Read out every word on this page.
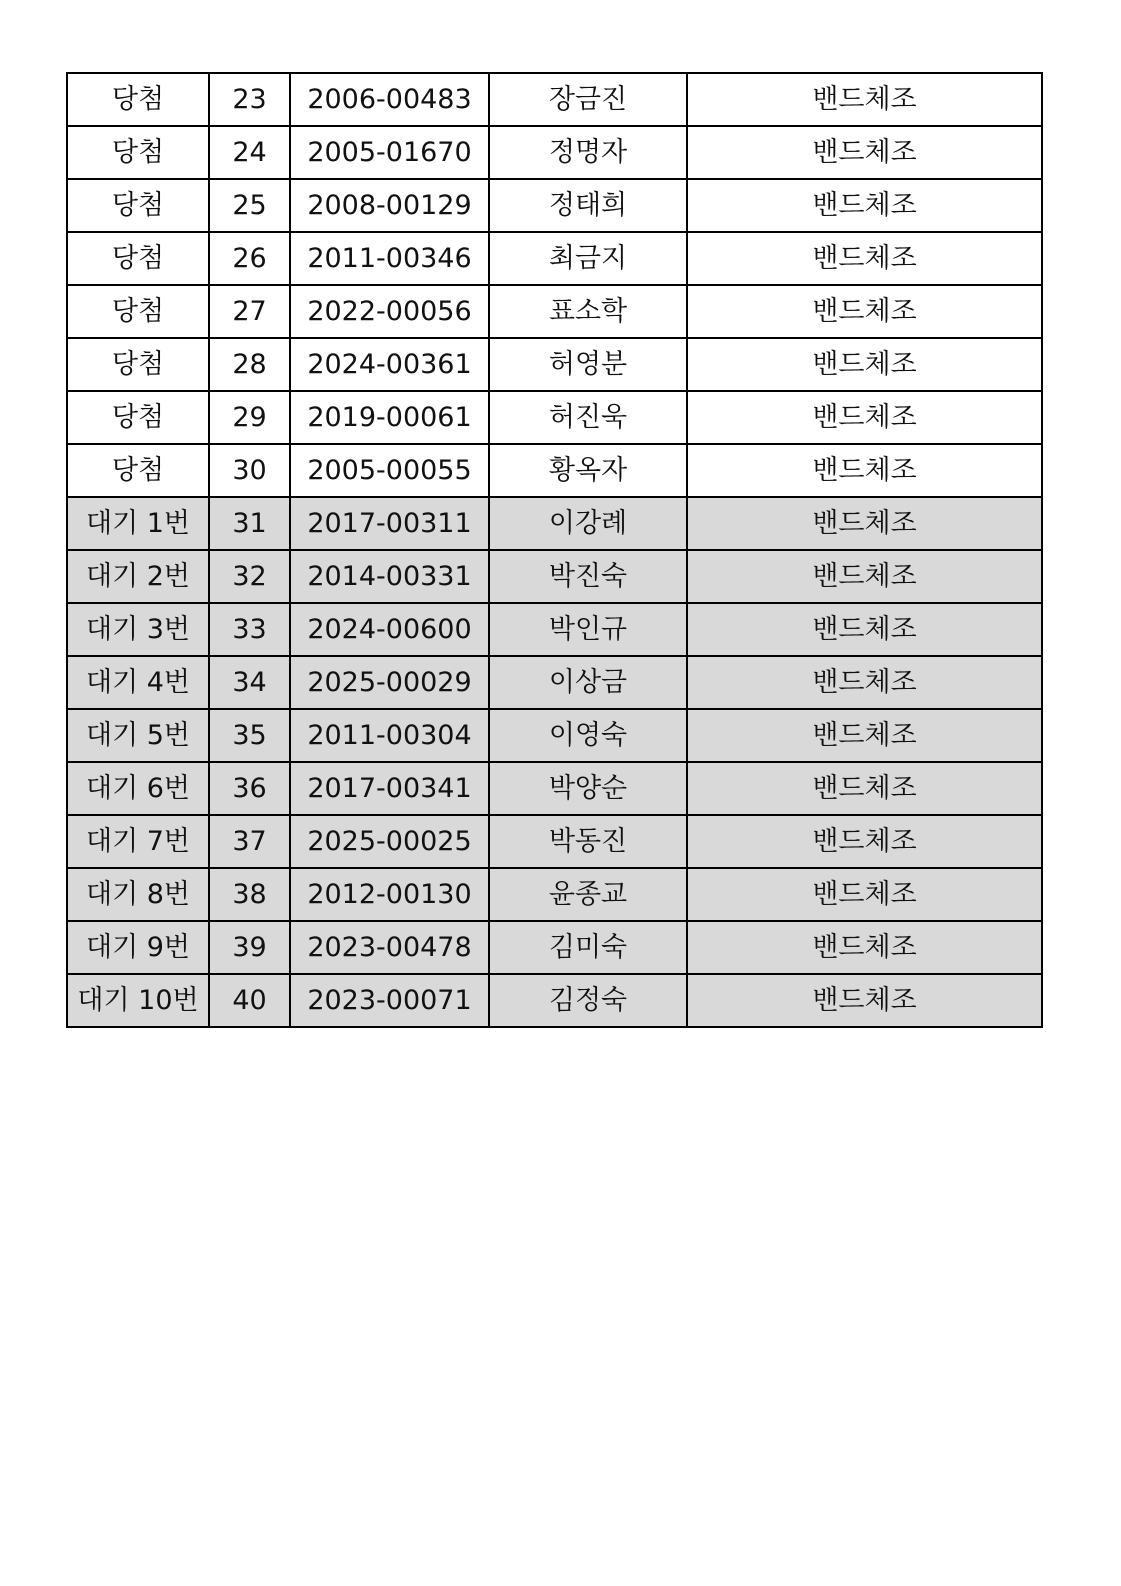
당첨	23	2006-00483	장금진	밴드체조
당첨	24	2005-01670	정명자	밴드체조
당첨	25	2008-00129	정태희	밴드체조
당첨	26	2011-00346	최금지	밴드체조
당첨	27	2022-00056	표소학	밴드체조
당첨	28	2024-00361	허영분	밴드체조
당첨	29	2019-00061	허진욱	밴드체조
당첨	30	2005-00055	황옥자	밴드체조
대기 1번	31	2017-00311	이강례	밴드체조
대기 2번	32	2014-00331	박진숙	밴드체조
대기 3번	33	2024-00600	박인규	밴드체조
대기 4번	34	2025-00029	이상금	밴드체조
대기 5번	35	2011-00304	이영숙	밴드체조
대기 6번	36	2017-00341	박양순	밴드체조
대기 7번	37	2025-00025	박동진	밴드체조
대기 8번	38	2012-00130	윤종교	밴드체조
대기 9번	39	2023-00478	김미숙	밴드체조
대기 10번	40	2023-00071	김정숙	밴드체조
